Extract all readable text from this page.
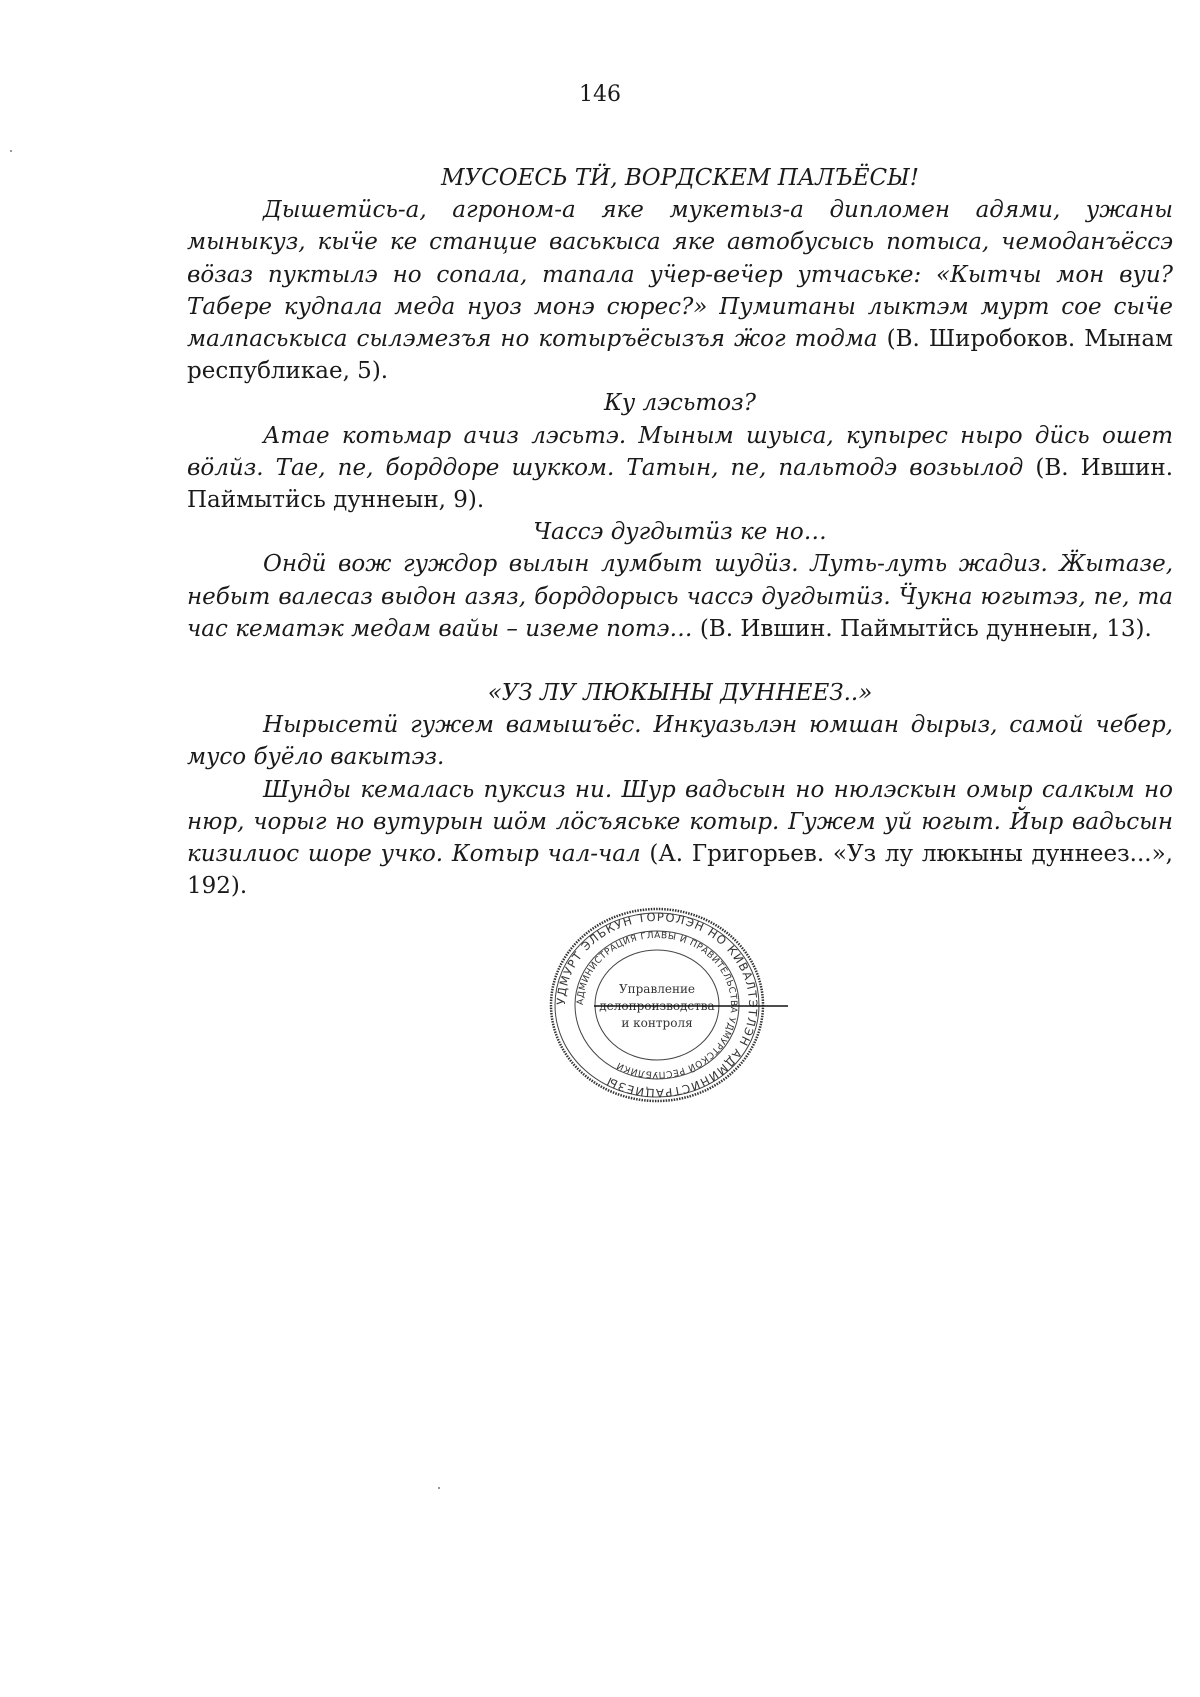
146

МУСОЕСЬ ТӤ, ВОРДСКЕМ ПАЛЪЁСЫ!

Дышетӥсь-а, агроном-а яке мукетыз-а дипломен адями, ужаны мыныкуз, кыӵе ке станцие васькыса яке автобусысь потыса, чемоданъёссэ вöзаз пуктылэ но сопала, тапала уӵер-веӵер утчаське: «Кытчы мон вуи? Табере кудпала меда нуоз монэ сюрес?» Пумитаны лыктэм мурт сое сыӵе малпаськыса сылэмезъя но котыръёсызъя ӝог тодма (В. Широбоков. Мынам республикае, 5).

Ку лэсьтоз?

Атае котьмар ачиз лэсьтэ. Мыным шуыса, купырес ныро дӥсь ошет вöлйз. Тае, пе, борддоре шукком. Татын, пе, пальтодэ возьылод (В. Ившин. Паймытӥсь дуннеын, 9).

Чассэ дугдытӥз ке но…

Ондӥ вож гуждор вылын лумбыт шудӥз. Луть-луть жадиз. Ӝытазе, небыт валесаз выдон азяз, борддорысь чассэ дугдытӥз. Ӵукна югытэз, пе, та час кематэк медам вайы – иземе потэ… (В. Ившин. Паймытӥсь дуннеын, 13).

«УЗ ЛУ ЛЮКЫНЫ ДУННЕЕЗ..»

Нырысетӥ гужем вамышъёс. Инкуазьлэн юмшан дырыз, самой чебер, мусо буёло вакытэз.

Шунды кемалась пуксиз ни. Шур вадьсын но нюлэскын омыр салкым но нюр, чорыг но вутурын шöм лöсъяське котыр. Гужем уй югыт. Йыр вадьсын кизилиос шоре учко. Котыр чал-чал (А. Григорьев. «Уз лу люкыны дуннеез...», 192).

УДМУРТ ЭЛЬКУН ТОРОЛЭН НО КИВАЛТЭТЛЭН АДМИНИСТРАЦИЕЗЫ
АДМИНИСТРАЦИЯ ГЛАВЫ И ПРАВИТЕЛЬСТВА УДМУРТСКОЙ РЕСПУБЛИКИ
Управление
делопроизводства
и контроля
